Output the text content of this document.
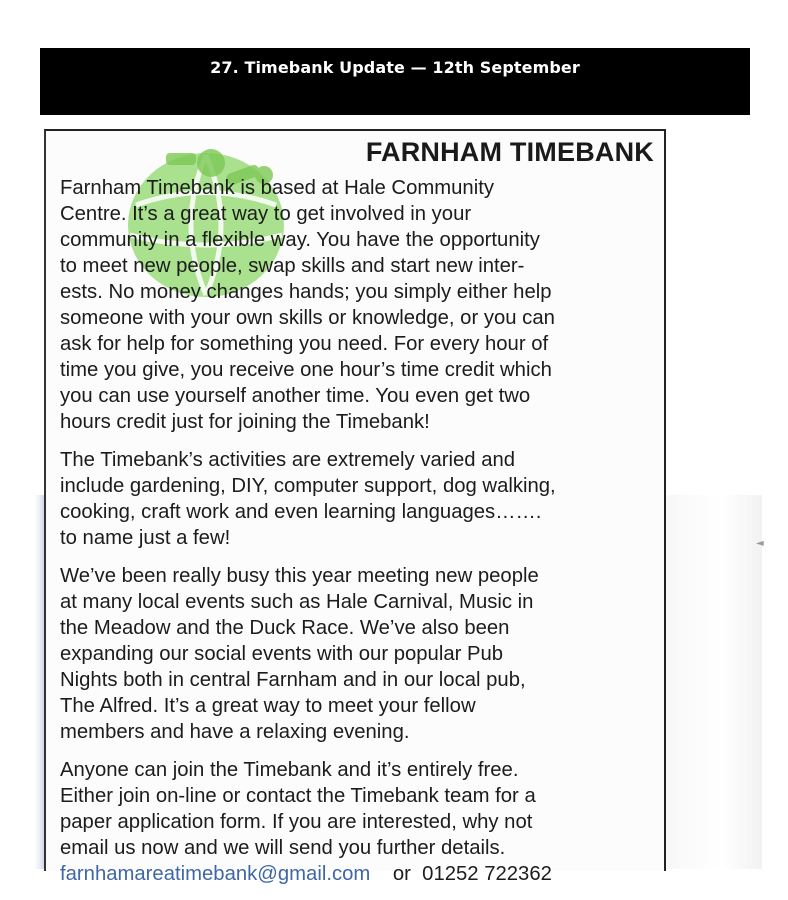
27. Timebank Update — 12th September
◄
FARNHAM TIMEBANK

Farnham Timebank is based at Hale Community
Centre. It’s a great way to get involved in your
community in a flexible way. You have the opportunity
to meet new people, swap skills and start new inter-
ests. No money changes hands; you simply either help
someone with your own skills or knowledge, or you can
ask for help for something you need. For every hour of
time you give, you receive one hour’s time credit which
you can use yourself another time. You even get two
hours credit just for joining the Timebank!

The Timebank’s activities are extremely varied and
include gardening, DIY, computer support, dog walking,
cooking, craft work and even learning languages…….
to name just a few!

We’ve been really busy this year meeting new people
at many local events such as Hale Carnival, Music in
the Meadow and the Duck Race. We’ve also been
expanding our social events with our popular Pub
Nights both in central Farnham and in our local pub,
The Alfred. It’s a great way to meet your fellow
members and have a relaxing evening.

Anyone can join the Timebank and it’s entirely free.
Either join on-line or contact the Timebank team for a
paper application form. If you are interested, why not
email us now and we will send you further details.

farnhamareatimebank@gmail.com or 01252 722362
